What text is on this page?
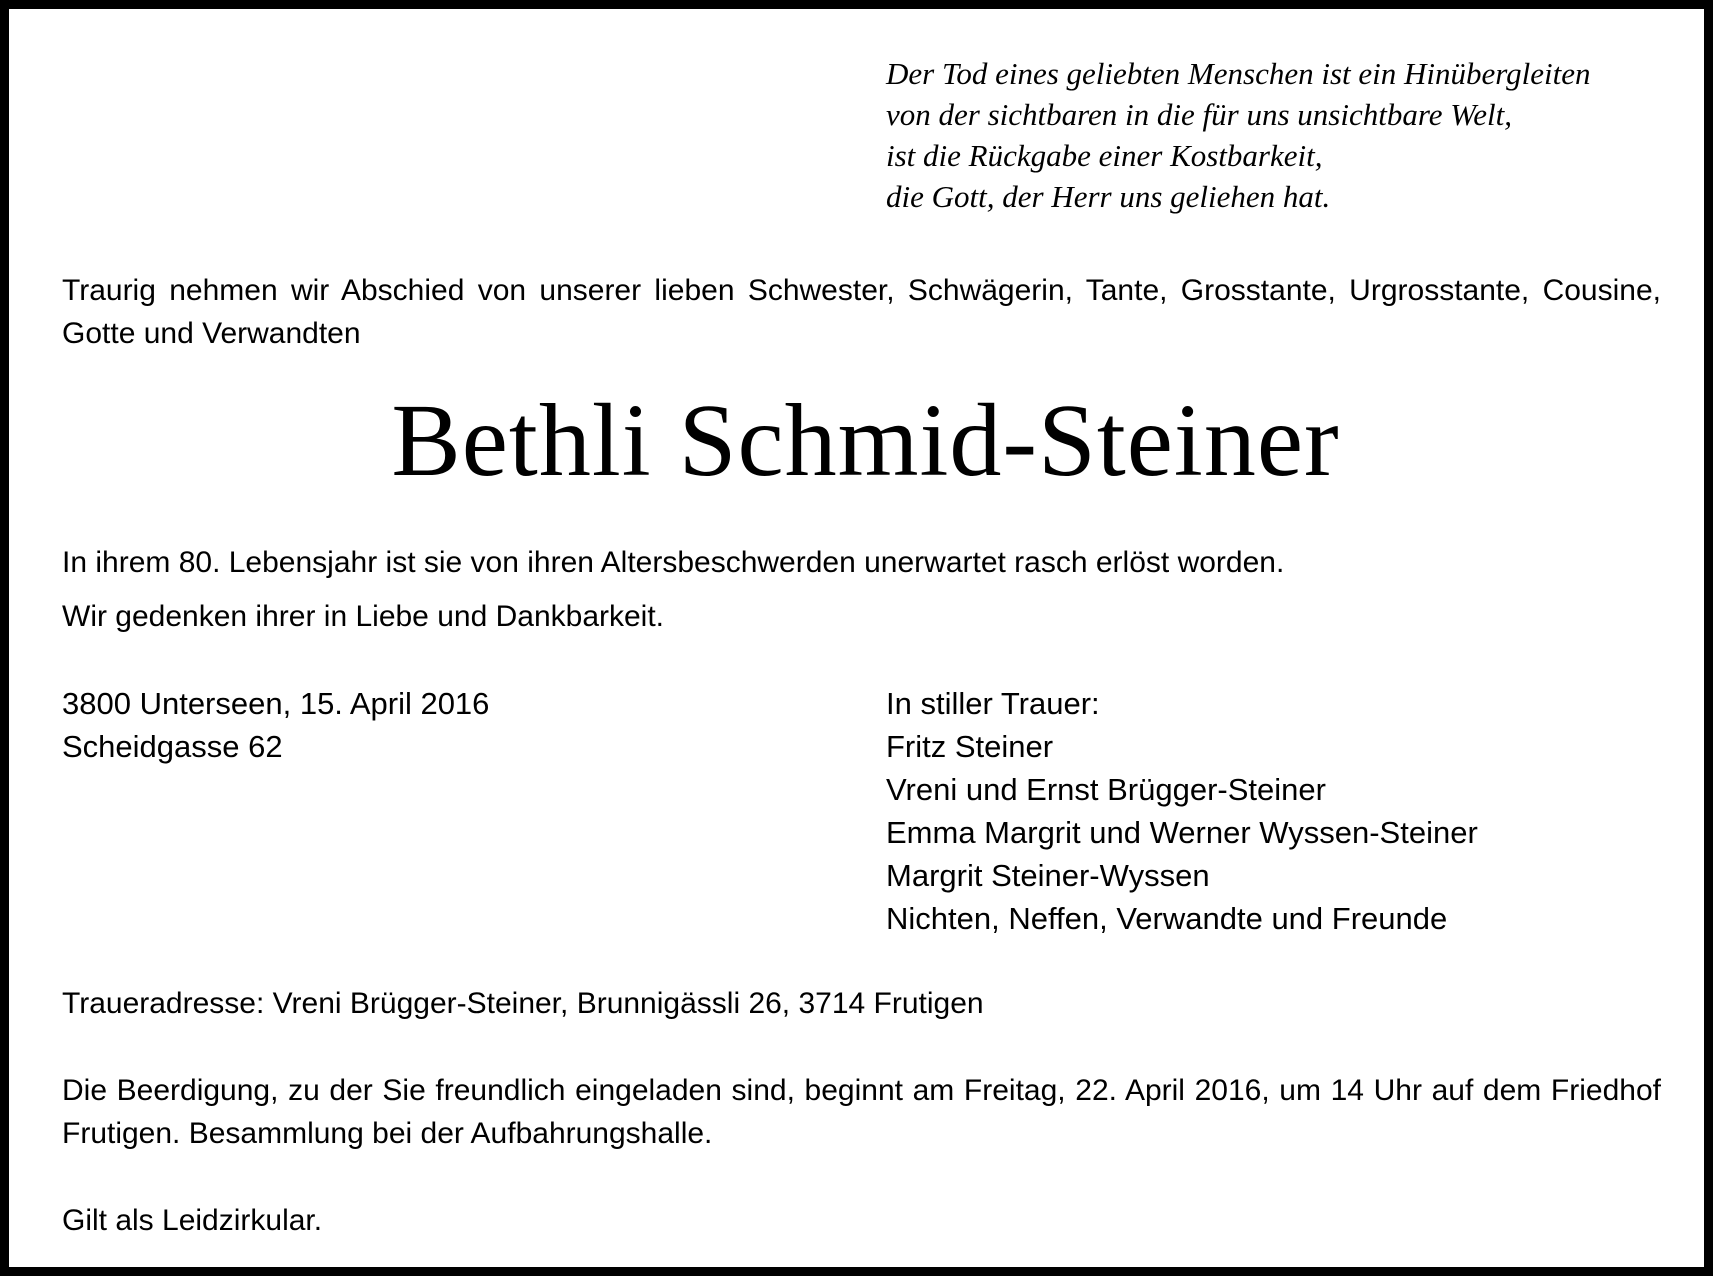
Der Tod eines geliebten Menschen ist ein Hinübergleiten
von der sichtbaren in die für uns unsichtbare Welt,
ist die Rückgabe einer Kostbarkeit,
die Gott, der Herr uns geliehen hat.

Traurig nehmen wir Abschied von unserer lieben Schwester, Schwägerin, Tante, Grosstante, Urgrosstante, Cousine, Gotte und Verwandten

Bethli Schmid-Steiner

In ihrem 80. Lebensjahr ist sie von ihren Altersbeschwerden unerwartet rasch erlöst worden.

Wir gedenken ihrer in Liebe und Dankbarkeit.

3800 Unterseen, 15. April 2016
Scheidgasse 62
In stiller Trauer:
Fritz Steiner
Vreni und Ernst Brügger-Steiner
Emma Margrit und Werner Wyssen-Steiner
Margrit Steiner-Wyssen
Nichten, Neffen, Verwandte und Freunde

Traueradresse: Vreni Brügger-Steiner, Brunnigässli 26, 3714 Frutigen

Die Beerdigung, zu der Sie freundlich eingeladen sind, beginnt am Freitag, 22. April 2016, um 14 Uhr auf dem Friedhof Frutigen. Besammlung bei der Aufbahrungshalle.

Gilt als Leidzirkular.
